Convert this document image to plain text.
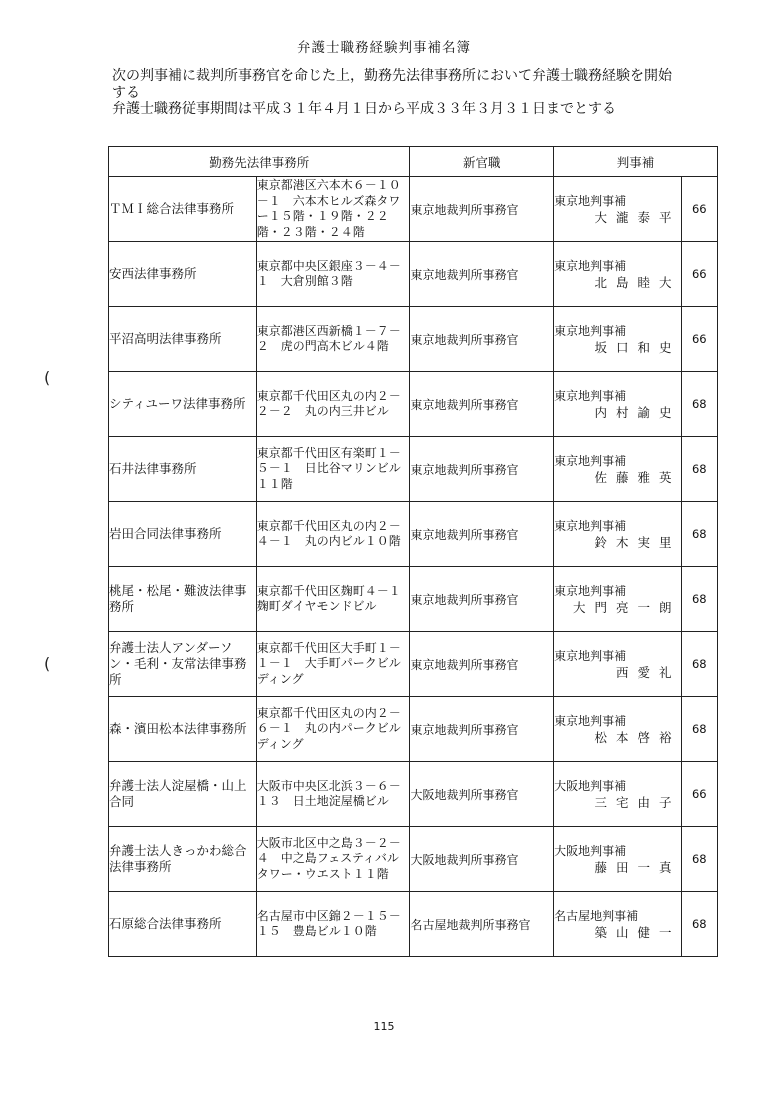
弁護士職務経験判事補名簿
次の判事補に裁判所事務官を命じた上，勤務先法律事務所において弁護士職務経験を開始
する
弁護士職務従事期間は平成３１年４月１日から平成３３年３月３１日までとする
(
(
勤務先法律事務所		新官職	判事補	
ＴＭＩ総合法律事務所	東京都港区六本木６－１０－１　六本木ヒルズ森タワー１５階・１９階・２２階・２３階・２４階	東京地裁判所事務官	東京地判事補
大瀧泰平	66
安西法律事務所	東京都中央区銀座３－４－１　大倉別館３階	東京地裁判所事務官	東京地判事補
北島睦大	66
平沼高明法律事務所	東京都港区西新橋１－７－２　虎の門高木ビル４階	東京地裁判所事務官	東京地判事補
坂口和史	66
シティユーワ法律事務所	東京都千代田区丸の内２－２－２　丸の内三井ビル	東京地裁判所事務官	東京地判事補
内村諭史	68
石井法律事務所	東京都千代田区有楽町１－５－１　日比谷マリンビル１１階	東京地裁判所事務官	東京地判事補
佐藤雅英	68
岩田合同法律事務所	東京都千代田区丸の内２－４－１　丸の内ビル１０階	東京地裁判所事務官	東京地判事補
鈴木実里	68
桃尾・松尾・難波法律事務所	東京都千代田区麹町４－１麹町ダイヤモンドビル	東京地裁判所事務官	東京地判事補
大門亮一朗	68
弁護士法人アンダーソン・毛利・友常法律事務所	東京都千代田区大手町１－１－１　大手町パークビルディング	東京地裁判所事務官	東京地判事補
西愛礼	68
森・濱田松本法律事務所	東京都千代田区丸の内２－６－１　丸の内パークビルディング	東京地裁判所事務官	東京地判事補
松本啓裕	68
弁護士法人淀屋橋・山上合同	大阪市中央区北浜３－６－１３　日土地淀屋橋ビル	大阪地裁判所事務官	大阪地判事補
三宅由子	66
弁護士法人きっかわ総合法律事務所	大阪市北区中之島３－２－４　中之島フェスティバルタワー・ウエスト１１階	大阪地裁判所事務官	大阪地判事補
藤田一真	68
石原総合法律事務所	名古屋市中区錦２－１５－１５　豊島ビル１０階	名古屋地裁判所事務官	名古屋地判事補
築山健一	68
115
